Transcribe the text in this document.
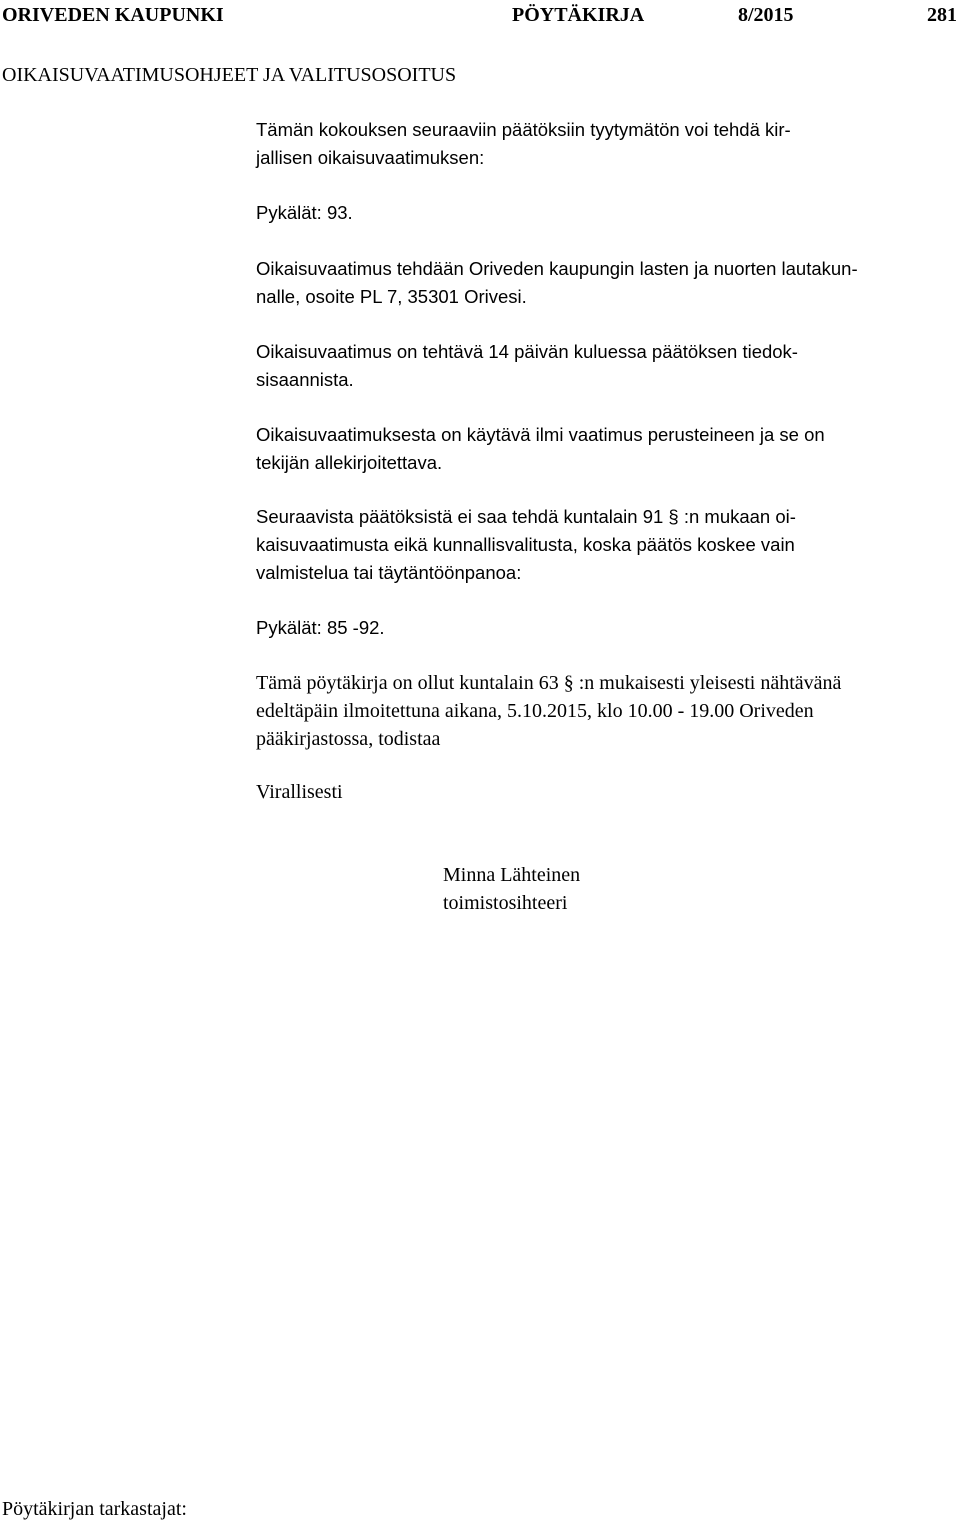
ORIVEDEN KAUPUNKI	PÖYTÄKIRJA	8/2015	281
OIKAISUVAATIMUSOHJEET JA VALITUSOSOITUS

Tämän kokouksen seuraaviin päätöksiin tyytymätön voi tehdä kir-

jallisen oikaisuvaatimuksen:

Pykälät: 93.

Oikaisuvaatimus tehdään Oriveden kaupungin lasten ja nuorten lautakun-

nalle, osoite PL 7, 35301 Orivesi.

Oikaisuvaatimus on tehtävä 14 päivän kuluessa päätöksen tiedok-

sisaannista.

Oikaisuvaatimuksesta on käytävä ilmi vaatimus perusteineen ja se on

tekijän allekirjoitettava.

Seuraavista päätöksistä ei saa tehdä kuntalain 91 § :n mukaan oi-

kaisuvaatimusta eikä kunnallisvalitusta, koska päätös koskee vain

valmistelua tai täytäntöönpanoa:

Pykälät: 85 -92.

Tämä pöytäkirja on ollut kuntalain 63 § :n mukaisesti yleisesti nähtävänä

edeltäpäin ilmoitettuna aikana, 5.10.2015, klo 10.00 - 19.00 Oriveden

pääkirjastossa, todistaa

Virallisesti

Minna Lähteinen
toimistosihteeri
Pöytäkirjan tarkastajat:
